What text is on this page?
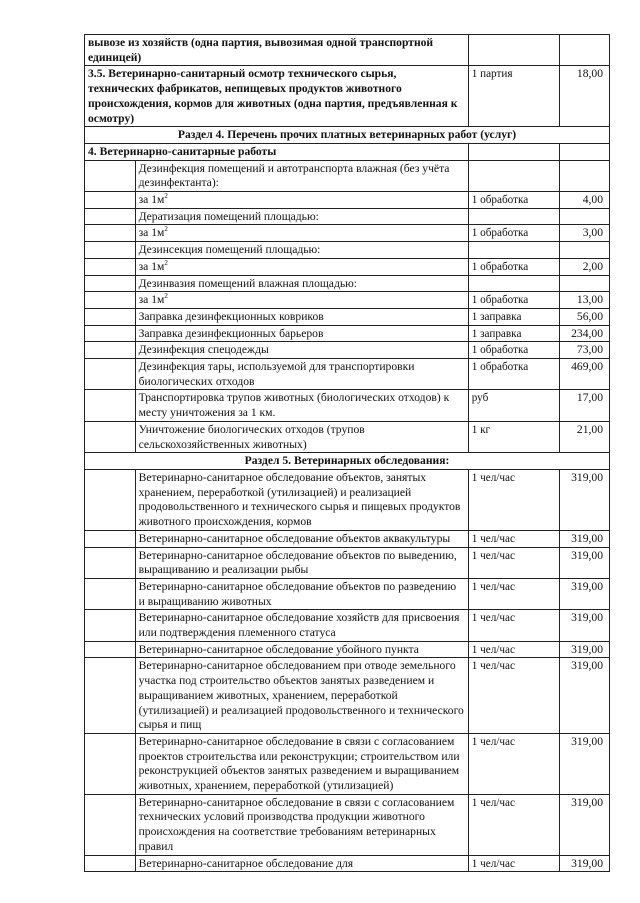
вывозе из хозяйств (одна партия, вывозимая одной транспортной единицей)			
3.5. Ветеринарно-санитарный осмотр технического сырья, технических фабрикатов, непищевых продуктов животного происхождения, кормов для животных (одна партия, предъявленная к осмотру)		1 партия	18,00
Раздел 4. Перечень прочих платных ветеринарных работ (услуг)			
4. Ветеринарно-санитарные работы			
	Дезинфекция помещений и автотранспорта влажная (без учёта дезинфектанта):		
	за $1м^2$	1 обработка	4,00
	Дератизация помещений площадью:		
	за $1м^2$	1 обработка	3,00
	Дезинсекция помещений площадью:		
	за $1м^2$	1 обработка	2,00
	Дезинвазия помещений влажная площадью:		
	за $1м^2$	1 обработка	13,00
	Заправка дезинфекционных ковриков	1 заправка	56,00
	Заправка дезинфекционных барьеров	1 заправка	234,00
	Дезинфекция спецодежды	1 обработка	73,00
	Дезинфекция тары, используемой для транспортировки биологических отходов	1 обработка	469,00
	Транспортировка трупов животных (биологических отходов) к месту уничтожения за 1 км.	руб	17,00
	Уничтожение биологических отходов (трупов сельскохозяйственных животных)	1 кг	21,00
Раздел 5. Ветеринарных обследования:			
	Ветеринарно-санитарное обследование объектов, занятых хранением, переработкой (утилизацией) и реализацией продовольственного и технического сырья и пищевых продуктов животного происхождения, кормов	1 чел/час	319,00
	Ветеринарно-санитарное обследование объектов аквакультуры	1 чел/час	319,00
	Ветеринарно-санитарное обследование объектов по выведению, выращиванию и реализации рыбы	1 чел/час	319,00
	Ветеринарно-санитарное обследование объектов по разведению и выращиванию животных	1 чел/час	319,00
	Ветеринарно-санитарное обследование хозяйств для присвоения или подтверждения племенного статуса	1 чел/час	319,00
	Ветеринарно-санитарное обследование убойного пункта	1 чел/час	319,00
	Ветеринарно-санитарное обследованием при отводе земельного участка под строительство объектов занятых разведением и выращиванием животных, хранением, переработкой (утилизацией) и реализацией продовольственного и технического сырья и пищ	1 чел/час	319,00
	Ветеринарно-санитарное обследование в связи с согласованием проектов строительства или реконструкции; строительством или реконструкцией объектов занятых разведением и выращиванием животных, хранением, переработкой (утилизацией)	1 чел/час	319,00
	Ветеринарно-санитарное обследование в связи с согласованием технических условий производства продукции животного происхождения на соответствие требованиям ветеринарных правил	1 чел/час	319,00
	Ветеринарно-санитарное обследование для	1 чел/час	319,00
